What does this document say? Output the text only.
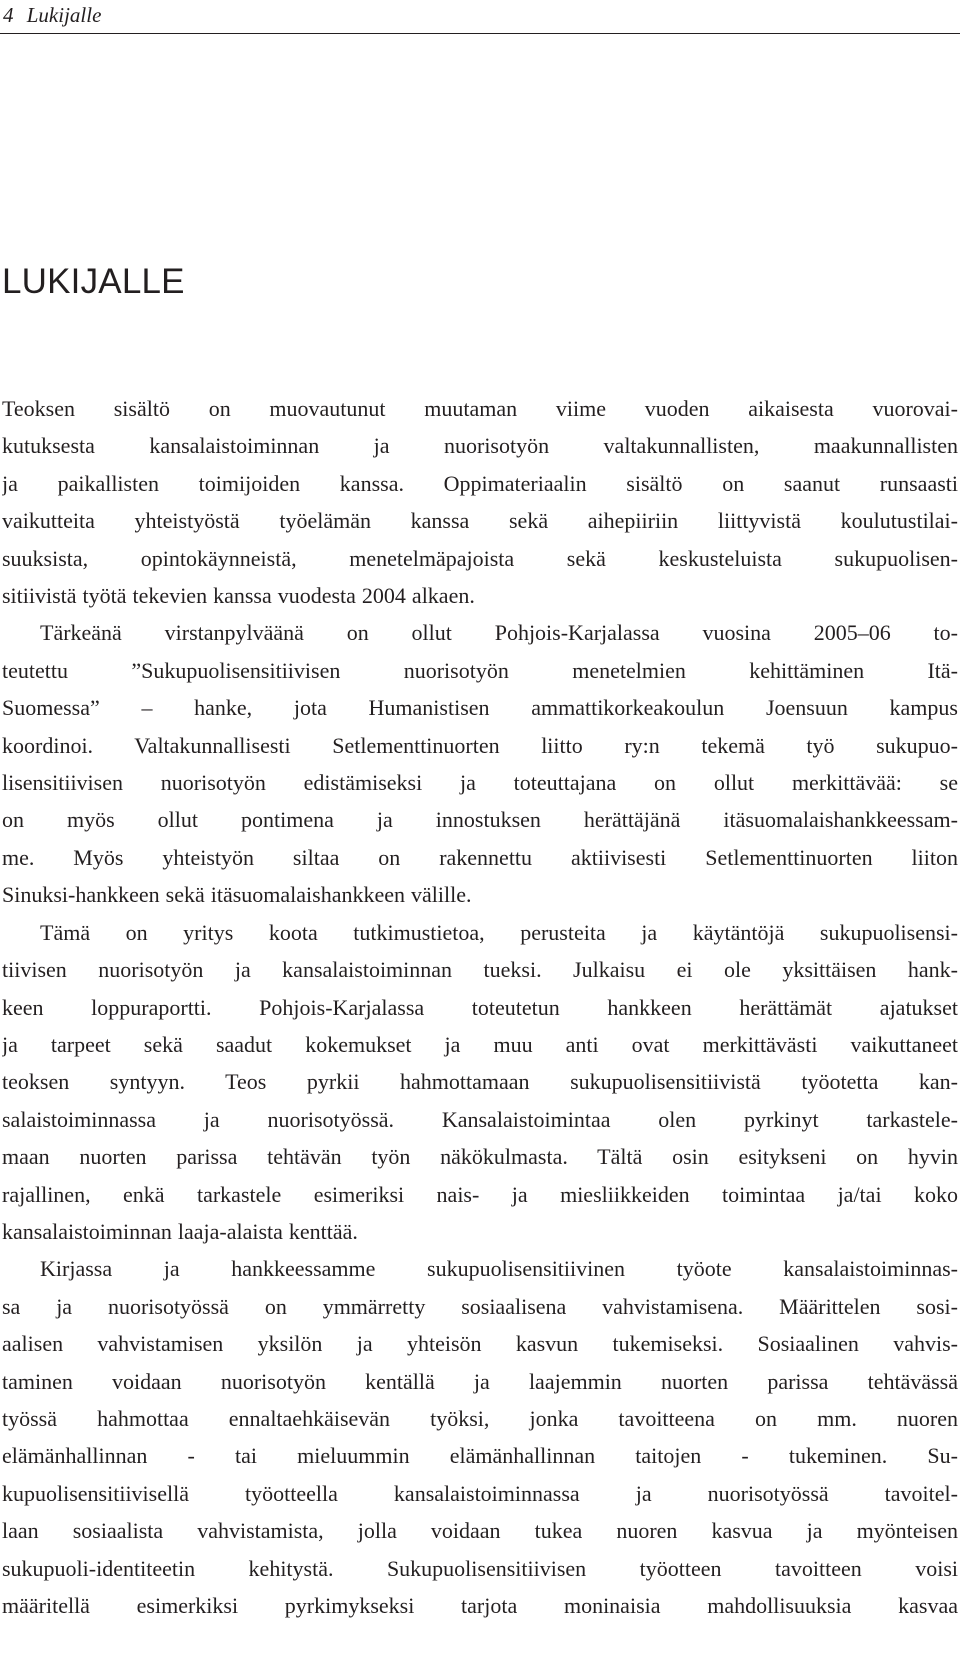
4 Lukijalle
LUKIJALLE
Teoksen sisältö on muovautunut muutaman viime vuoden aikaisesta vuorovai-
kutuksesta kansalaistoiminnan ja nuorisotyön valtakunnallisten, maakunnallisten
ja paikallisten toimijoiden kanssa. Oppimateriaalin sisältö on saanut runsaasti
vaikutteita yhteistyöstä työelämän kanssa sekä aihepiiriin liittyvistä koulutustilai-
suuksista, opintokäynneistä, menetelmäpajoista sekä keskusteluista sukupuolisen-
sitiivistä työtä tekevien kanssa vuodesta 2004 alkaen.
Tärkeänä virstanpylväänä on ollut Pohjois-Karjalassa vuosina 2005–06 to-
teutettu ”Sukupuolisensitiivisen nuorisotyön menetelmien kehittäminen Itä-
Suomessa” – hanke, jota Humanistisen ammattikorkeakoulun Joensuun kampus
koordinoi. Valtakunnallisesti Setlementtinuorten liitto ry:n tekemä työ sukupuo-
lisensitiivisen nuorisotyön edistämiseksi ja toteuttajana on ollut merkittävää: se
on myös ollut pontimena ja innostuksen herättäjänä itäsuomalaishankkeessam-
me. Myös yhteistyön siltaa on rakennettu aktiivisesti Setlementtinuorten liiton
Sinuksi-hankkeen sekä itäsuomalaishankkeen välille.
Tämä on yritys koota tutkimustietoa, perusteita ja käytäntöjä sukupuolisensi-
tiivisen nuorisotyön ja kansalaistoiminnan tueksi. Julkaisu ei ole yksittäisen hank-
keen loppuraportti. Pohjois-Karjalassa toteutetun hankkeen herättämät ajatukset
ja tarpeet sekä saadut kokemukset ja muu anti ovat merkittävästi vaikuttaneet
teoksen syntyyn. Teos pyrkii hahmottamaan sukupuolisensitiivistä työotetta kan-
salaistoiminnassa ja nuorisotyössä. Kansalaistoimintaa olen pyrkinyt tarkastele-
maan nuorten parissa tehtävän työn näkökulmasta. Tältä osin esitykseni on hyvin
rajallinen, enkä tarkastele esimeriksi nais- ja miesliikkeiden toimintaa ja/tai koko
kansalaistoiminnan laaja-alaista kenttää.
Kirjassa ja hankkeessamme sukupuolisensitiivinen työote kansalaistoiminnas-
sa ja nuorisotyössä on ymmärretty sosiaalisena vahvistamisena. Määrittelen sosi-
aalisen vahvistamisen yksilön ja yhteisön kasvun tukemiseksi. Sosiaalinen vahvis-
taminen voidaan nuorisotyön kentällä ja laajemmin nuorten parissa tehtävässä
työssä hahmottaa ennaltaehkäisevän työksi, jonka tavoitteena on mm. nuoren
elämänhallinnan - tai mieluummin elämänhallinnan taitojen - tukeminen. Su-
kupuolisensitiivisellä työotteella kansalaistoiminnassa ja nuorisotyössä tavoitel-
laan sosiaalista vahvistamista, jolla voidaan tukea nuoren kasvua ja myönteisen
sukupuoli-identiteetin kehitystä. Sukupuolisensitiivisen työotteen tavoitteen voisi
määritellä esimerkiksi pyrkimykseksi tarjota moninaisia mahdollisuuksia kasvaa
